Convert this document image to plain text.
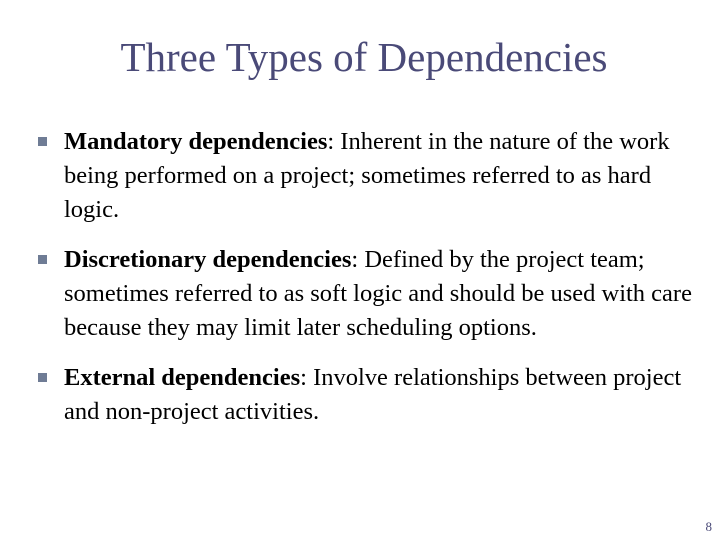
Three Types of Dependencies
Mandatory dependencies: Inherent in the nature of the work being performed on a project; sometimes referred to as hard logic.
Discretionary dependencies: Defined by the project team; sometimes referred to as soft logic and should be used with care because they may limit later scheduling options.
External dependencies: Involve relationships between project and non-project activities.
8
